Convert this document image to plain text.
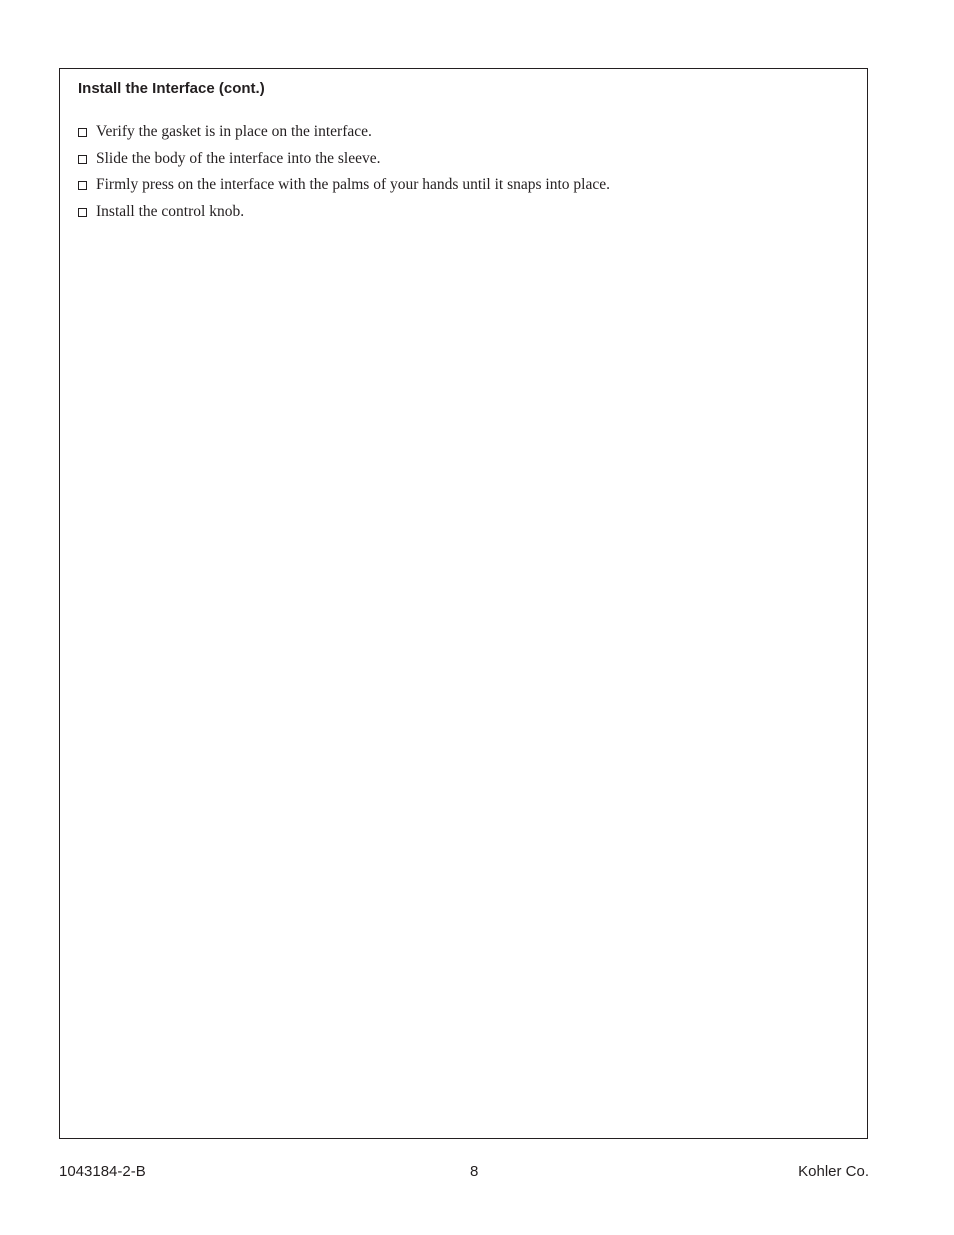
Install the Interface (cont.)
Verify the gasket is in place on the interface.
Slide the body of the interface into the sleeve.
Firmly press on the interface with the palms of your hands until it snaps into place.
Install the control knob.
1043184-2-B	8	Kohler Co.
